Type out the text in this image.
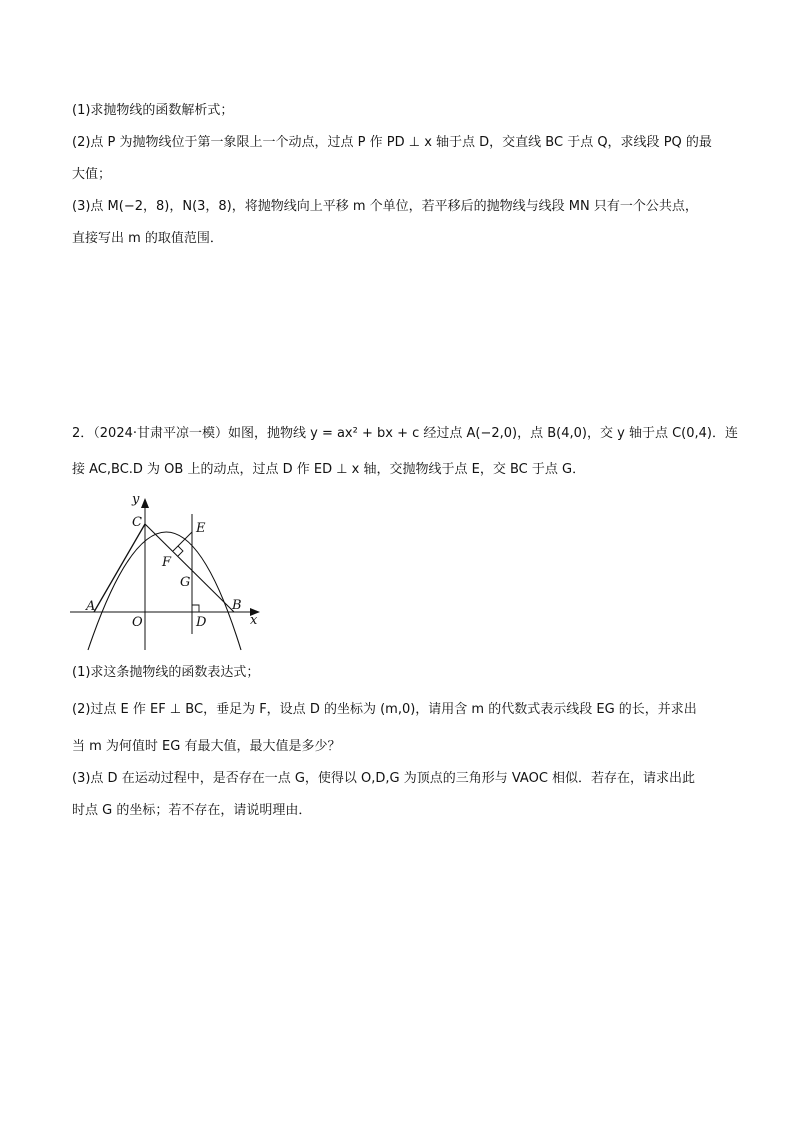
(1)求抛物线的函数解析式；
(2)点 P 为抛物线位于第一象限上一个动点，过点 P 作 PD ⊥ x 轴于点 D，交直线 BC 于点 Q，求线段 PQ 的最
大值；
(3)点 M(−2，8)，N(3，8)，将抛物线向上平移 m 个单位，若平移后的抛物线与线段 MN 只有一个公共点，
直接写出 m 的取值范围．
2．（2024·甘肃平凉一模）如图，抛物线 y = ax² + bx + c 经过点 A(−2,0)，点 B(4,0)，交 y 轴于点 C(0,4)．连
接 AC,BC.D 为 OB 上的动点，过点 D 作 ED ⊥ x 轴，交抛物线于点 E，交 BC 于点 G．
y
x
C	E
F
G
A
O	D
B
(1)求这条抛物线的函数表达式；
(2)过点 E 作 EF ⊥ BC，垂足为 F，设点 D 的坐标为 (m,0)，请用含 m 的代数式表示线段 EG 的长，并求出
当 m 为何值时 EG 有最大值，最大值是多少？
(3)点 D 在运动过程中，是否存在一点 G，使得以 O,D,G 为顶点的三角形与 VAOC 相似．若存在，请求出此
时点 G 的坐标；若不存在，请说明理由．
